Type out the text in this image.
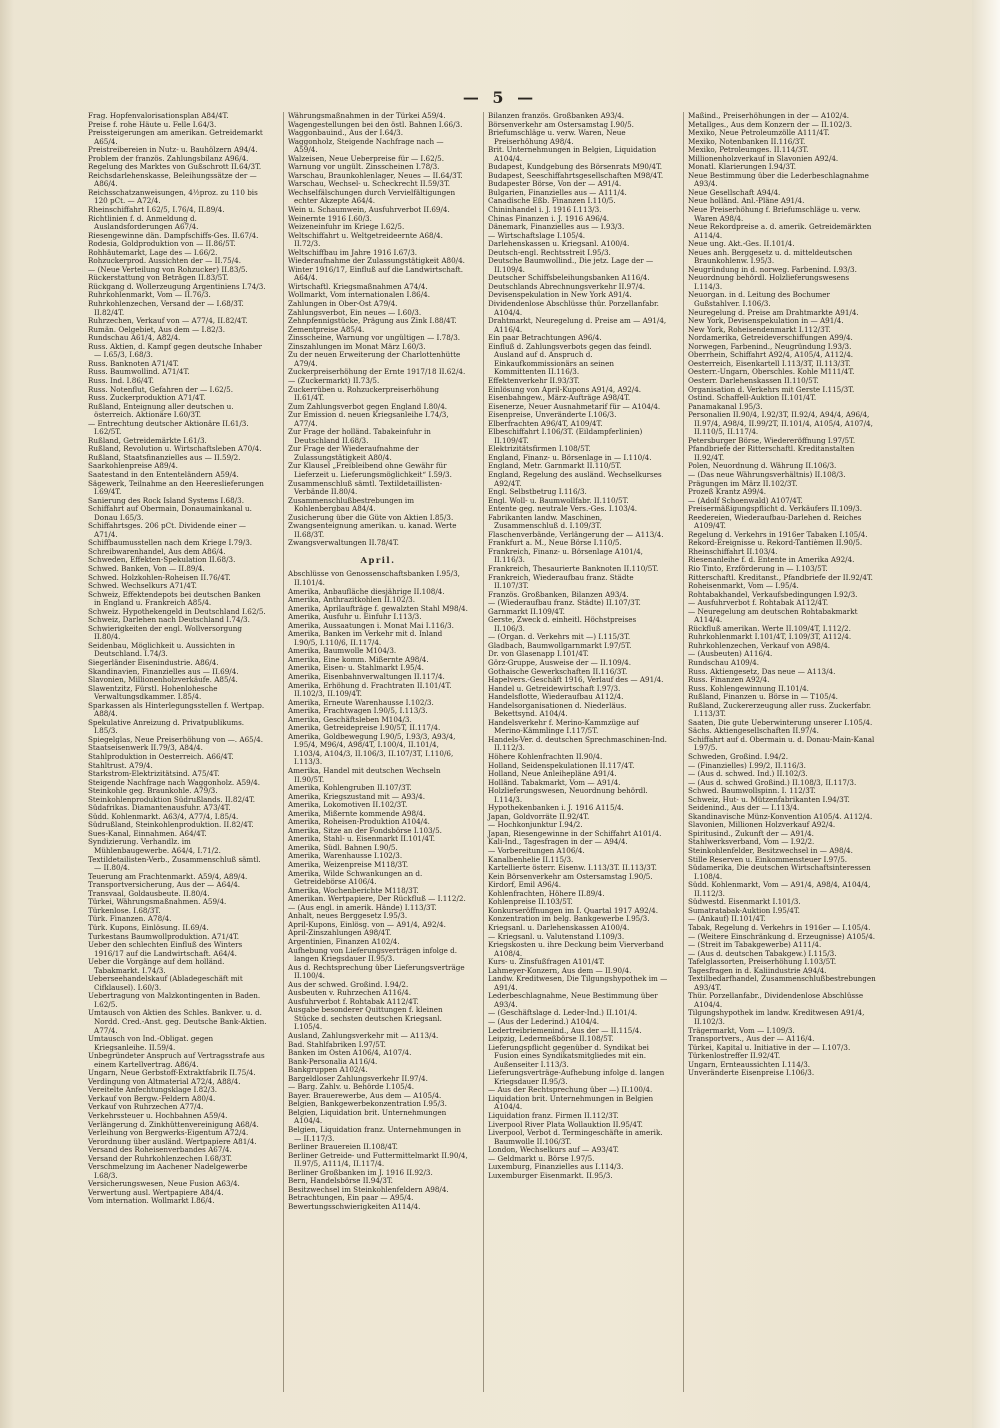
— 5 —
Frag. Hopfenvalorisationsplan A84/4T.
Preise f. rohe Häute u. Felle I.64/3.
Preissteigerungen am amerikan. Getreidemarkt A65/4.
Preistreibereien in Nutz- u. Bauhölzern A94/4.
Problem der französ. Zahlungsbilanz A96/4.
Regelung des Marktes von Gußschrott II.64/3T.
Reichsdarlehenskasse, Beleihungssätze der — A86/4.
Reichsschatzanweisungen, 4½proz. zu 110 bis 120 pCt. — A72/4.
Rheinschiffahrt I.62/5, I.76/4, II.89/4.
Richtlinien f. d. Anmeldung d. Auslandsforderungen A67/4.
Riesengewinne dän. Dampfschiffs-Ges. II.67/4.
Rodesia, Goldproduktion von — II.86/5T.
Rohhäutemarkt, Lage des — I.66/2.
Rohzuckerprod. Aussichten der — II.75/4.
— (Neue Verteilung von Rohzucker) II.83/5.
Rückerstattung von Beträgen II.83/5T.
Rückgang d. Wollerzeugung Argentiniens I.74/3.
Ruhrkohlenmarkt, Vom — II.76/3.
Ruhrkohlenzechen, Versand der — I.68/3T. II.82/4T.
Ruhrzechen, Verkauf von — A77/4, II.82/4T.
Rumän. Oelgebiet, Aus dem — I.82/3.
Rundschau A61/4, A82/4.
Russ. Aktien, d. Kampf gegen deutsche Inhaber — I.65/3, I.68/3.
Russ. Banknoten A71/4T.
Russ. Baumwollind. A71/4T.
Russ. Ind. I.86/4T.
Russ. Notenflut, Gefahren der — I.62/5.
Russ. Zuckerproduktion A71/4T.
Rußland, Enteignung aller deutschen u. österreich. Aktionäre I.60/3T.
— Entrechtung deutscher Aktionäre II.61/3. I.62/5T.
Rußland, Getreidemärkte I.61/3.
Rußland, Revolution u. Wirtschaftsleben A70/4.
Rußland, Staatsfinanzielles aus — II.59/2.
Saarkohlenpreise A89/4.
Saatestand in den Ententeländern A59/4.
Sägewerk, Teilnahme an den Heereslieferungen I.69/4T.
Sanierung des Rock Island Systems I.68/3.
Schiffahrt auf Obermain, Donaumainkanal u. Donau I.65/3.
Schiffahrtsges. 206 pCt. Dividende einer — A71/4.
Schiffbaumusstellen nach dem Kriege I.79/3.
Schreibwarenhandel, Aus dem A86/4.
Schweden, Effekten-Spekulation II.68/3.
Schwed. Banken, Von — II.89/4.
Schwed. Holzkohlen-Roheisen II.76/4T.
Schwed. Wechselkurs A71/4T.
Schweiz, Effektendepots bei deutschen Banken in England u. Frankreich A85/4.
Schweiz. Hypothekengeld in Deutschland I.62/5.
Schweiz, Darlehen nach Deutschland I.74/3.
Schwierigkeiten der engl. Wollversorgung II.80/4.
Seidenbau, Möglichkeit u. Aussichten in Deutschland. I.74/3.
Siegerländer Eisenindustrie. A86/4.
Skandinavien, Finanzielles aus — II.69/4.
Slavonien, Millionenholzverkäufe. A85/4.
Slawentzitz, Fürstl. Hohenlohesche Verwaltungsdkammer. I.85/4.
Sparkassen als Hinterlegungsstellen f. Wertpap. A88/4.
Spekulative Anreizung d. Privatpublikums. I.85/3.
Spiegelglas, Neue Preiserhöhung von —. A65/4.
Staatseisenwerk II.79/3, A84/4.
Stahlproduktion in Oesterreich. A66/4T.
Stahltrust. A79/4.
Starkstrom-Elektrizitätsind. A75/4T.
Steigende Nachfrage nach Waggonholz. A59/4.
Steinkohle geg. Braunkohle. A79/3.
Steinkohlenproduktion Südrußlands. II.82/4T.
Südafrikas. Diamantenausfuhr. A73/4T.
Südd. Kohlenmarkt. A63/4, A77/4, I.85/4.
Südrußland, Steinkohlenproduktion. II.82/4T.
Sues-Kanal, Einnahmen. A64/4T.
Syndizierung. Verhandlz. im Mühlenbaugewerbe. A64/4, I.71/2.
Textildetailisten-Verb., Zusammenschluß sämtl. — II.80/4.
Teuerung am Frachtenmarkt. A59/4, A89/4.
Transportversicherung, Aus der — A64/4.
Transvaal, Goldausbeute. II.80/4.
Türkei, Währungsmaßnahmen. A59/4.
Türkenlose. I.68/3T.
Türk. Finanzen. A78/4.
Türk. Kupons, Einlösung. II.69/4.
Turkestans Baumwollproduktion. A71/4T.
Ueber den schlechten Einfluß des Winters 1916/17 auf die Landwirtschaft. A64/4.
Ueber die Vorgänge auf dem holländ. Tabakmarkt. I.74/3.
Ueberseehandelskauf (Abladegeschäft mit Cifklausel). I.60/3.
Uebertragung von Malzkontingenten in Baden. I.62/5.
Umtausch von Aktien des Schles. Bankver. u. d. Nordd. Cred.-Anst. geg. Deutsche Bank-Aktien. A77/4.
Umtausch von Ind.-Obligat. gegen Kriegsanleihe. II.59/4.
Unbegründeter Anspruch auf Vertragsstrafe aus einem Kartellvertrag. A86/4.
Ungarn, Neue Gerbstoff-Extraktfabrik II.75/4.
Verdingung von Altmaterial A72/4, A88/4.
Vereitelte Anfechtungsklage I.82/3.
Verkauf von Bergw.-Feldern A80/4.
Verkauf von Ruhrzechen A77/4.
Verkehrssteuer u. Hochbahnen A59/4.
Verlängerung d. Zinkhüttenvereinigung A68/4.
Verleihung von Bergwerks-Eigentum A72/4.
Verordnung über ausländ. Wertpapiere A81/4.
Versand des Roheisenverbandes A67/4.
Versand der Ruhrkohlenzechen I.68/3T.
Verschmelzung im Aachener Nadelgewerbe I.68/3.
Versicherungswesen, Neue Fusion A63/4.
Verwertung ausl. Wertpapiere A84/4.
Vom internation. Wollmarkt I.86/4.
Währungsmaßnahmen in der Türkei A59/4.
Wagengestellungen bei den östl. Bahnen I.66/3.
Waggonbauind., Aus der I.64/3.
Waggonholz, Steigende Nachfrage nach — A59/4.
Walzeisen, Neue Ueberpreise für — I.62/5.
Warnung vor ungült. Zinsscheinen I.78/3.
Warschau, Braunkohlenlager, Neues — II.64/3T.
Warschau, Wechsel- u. Scheckrecht II.59/3T.
Wechselfälschungen durch Vervielfältigungen echter Akzepte A64/4.
Wein u. Schaumwein, Ausfuhrverbot II.69/4.
Weinernte 1916 I.60/3.
Weizeneinfuhr im Kriege I.62/5.
Weltschiffahrt u. Weltgetreideernte A68/4. II.72/3.
Weltschiffbau im Jahre 1916 I.67/3.
Wiederaufnahme der Zulassungstätigkeit A80/4.
Winter 1916/17, Einfluß auf die Landwirtschaft. A64/4.
Wirtschaftl. Kriegsmaßnahmen A74/4.
Wollmarkt, Vom internationalen I.86/4.
Zahlungen in Ober-Ost A79/4.
Zahlungsverbot, Ein neues — I.60/3.
Zehnpfennigstücke, Prägung aus Zink I.88/4T.
Zementpreise A85/4.
Zinsscheine, Warnung vor ungültigen — I.78/3.
Zinszahlungen im Monat März I.60/3.
Zu der neuen Erweiterung der Charlottenhütte A79/4.
Zuckerpreiserhöhung der Ernte 1917/18 II.62/4.
— (Zuckermarkt) II.73/5.
Zuckerrüben u. Rohzuckerpreiserhöhung II.61/4T.
Zum Zahlungsverbot gegen England I.80/4.
Zur Emission d. neuen Kriegsanleihe I.74/3, A77/4.
Zur Frage der holländ. Tabakeinfuhr in Deutschland II.68/3.
Zur Frage der Wiederaufnahme der Zulassungstätigkeit A80/4.
Zur Klausel „Freibleibend ohne Gewähr für Lieferzeit u. Lieferungsmöglichkeit“ I.59/3.
Zusammenschluß sämtl. Textildetaillisten-Verbände II.80/4.
Zusammenschlußbestrebungen im Kohlenbergbau A84/4.
Zusicherung über die Güte von Aktien I.85/3.
Zwangsenteignung amerikan. u. kanad. Werte II.68/3T.
Zwangsverwaltungen II.78/4T.
April.
Abschlüsse von Genossenschaftsbanken I.95/3, II.101/4.
Amerika, Anbaufläche diesjährige II.108/4.
Amerika, Anthrazitkohlen II.102/3.
Amerika, Aprilaufträge f. gewalzten Stahl M98/4.
Amerika, Ausfuhr u. Einfuhr I.113/3.
Amerika, Aussaatungen i. Monat Mai I.116/3.
Amerika, Banken im Verkehr mit d. Inland I.90/5, I.110/6, II.117/4.
Amerika, Baumwolle M104/3.
Amerika, Eine komm. Mißernte A98/4.
Amerika, Eisen- u. Stahlmarkt I.95/4.
Amerika, Eisenbahnverwaltungen II.117/4.
Amerika, Erhöhung d. Frachtraten II.101/4T. II.102/3, II.109/4T.
Amerika, Erneute Warenhausse I.102/3.
Amerika, Frachtwagen I.90/5, I.113/3.
Amerika, Geschäftsleben M104/3.
Amerika, Getreidepreise I.90/5T, II.117/4.
Amerika, Goldbewegung I.90/5, I.93/3, A93/4, I.95/4, M96/4, A98/4T, I.100/4, II.101/4, I.103/4, A104/3, II.106/3, II.107/3T, I.110/6, I.113/3.
Amerika, Handel mit deutschen Wechseln II.90/5T.
Amerika, Kohlengruben II.107/3T.
Amerika, Kriegszustand mit — A93/4.
Amerika, Lokomotiven II.102/3T.
Amerika, Mißernte kommende A98/4.
Amerika, Roheisen-Produktion A104/4.
Amerika, Sitze an der Fondsbörse I.103/5.
Amerika, Stahl- u. Eisenmarkt II.101/4T.
Amerika, Südl. Bahnen I.90/5.
Amerika, Warenhausse I.102/3.
Amerika, Weizenpreise M118/3T.
Amerika, Wilde Schwankungen an d. Getreidebörse A106/4.
Amerika, Wochenberichte M118/3T.
Amerikan. Wertpapiere, Der Rückfluß — I.112/2.
— (Aus engl. in amerik. Hände) I.113/3T.
Anhalt, neues Berggesetz I.95/3.
April-Kupons, Einlösg. von — A91/4, A92/4.
April-Zinszahlungen A98/4T.
Argentinien, Finanzen A102/4.
Aufhebung von Lieferungsverträgen infolge d. langen Kriegsdauer II.95/3.
Aus d. Rechtsprechung über Lieferungsverträge II.100/4.
Aus der schwed. Großind. I.94/2.
Ausbeuten v. Ruhrzechen A116/4.
Ausfuhrverbot f. Rohtabak A112/4T.
Ausgabe besonderer Quittungen f. kleinen Stücke d. sechsten deutschen Kriegsanl. I.105/4.
Ausland, Zahlungsverkehr mit — A113/4.
Bad. Stahlfabriken I.97/5T.
Banken im Osten A106/4, A107/4.
Bank-Personalia A116/4.
Bankgruppen A102/4.
Bargeldloser Zahlungsverkehr II.97/4.
— Barg. Zahlv. u. Behörde I.105/4.
Bayer. Brauerewerbe, Aus dem — A105/4.
Belgien, Bankgewerbekonzentration I.95/3.
Belgien, Liquidation brit. Unternehmungen A104/4.
Belgien, Liquidation franz. Unternehmungen in — II.117/3.
Berliner Brauereien II.108/4T.
Berliner Getreide- und Futtermittelmarkt II.90/4, II.97/5, A111/4, II.117/4.
Berliner Großbanken im J. 1916 II.92/3.
Bern, Handelsbörse II.94/3T.
Besitzwechsel im Steinkohlenfeldern A98/4.
Betrachtungen, Ein paar — A95/4.
Bewertungsschwierigkeiten A114/4.
Bilanzen französ. Großbanken A93/4.
Börsenverkehr am Ostersamstag I.90/5.
Briefumschläge u. verw. Waren, Neue Preiserhöhung A98/4.
Brit. Unternehmungen in Belgien, Liquidation A104/4.
Budapest, Kundgebung des Börsenrats M90/4T.
Budapest, Seeschiffahrtsgesellschaften M98/4T.
Budapester Börse, Von der — A91/4.
Bulgarien, Finanzielles aus — A111/4.
Canadische Eßb. Finanzen I.110/5.
Chininhandel i. J. 1916 I.113/3.
Chinas Finanzen i. J. 1916 A96/4.
Dänemark, Finanzielles aus — I.93/3.
— Wirtschaftslage I.105/4.
Darlehenskassen u. Kriegsanl. A100/4.
Deutsch-engl. Rechtsstreit I.95/3.
Deutsche Baumwollind., Die jetz. Lage der — II.109/4.
Deutscher Schiffsbeleihungsbanken A116/4.
Deutschlands Abrechnungsverkehr II.97/4.
Devisenspekulation in New York A91/4.
Dividendenlose Abschlüsse thür. Porzellanfabr. A104/4.
Drahtmarkt, Neuregelung d. Preise am — A91/4, A116/4.
Ein paar Betrachtungen A96/4.
Einfluß d. Zahlungsverbots gegen das feindl. Ausland auf d. Anspruch d. Einkaufkommissionärs an seinen Kommittenten II.116/3.
Effektenverkehr II.93/3T.
Einlösung von April-Kupons A91/4, A92/4.
Eisenbahngew., März-Aufträge A98/4T.
Eisenerze, Neuer Ausnahmetarif für — A104/4.
Eisenpreise, Unveränderte I.106/3.
Elberfrachten A96/4T, A109/4T.
Elbeschiffahrt I.106/3T. (Eildampferlinien) II.109/4T.
Elektrizitätsfirmen I.108/5T.
England, Finanz- u. Börsenlage in — I.110/4.
England, Metr. Garnmarkt II.110/5T.
England, Regelung des ausländ. Wechselkurses A92/4T.
Engl. Selbstbetrug I.116/3.
Engl. Woll- u. Baumwollfabr. II.110/5T.
Entente geg. neutrale Vers.-Ges. I.103/4.
Fabrikanten landw. Maschinen, Zusammenschluß d. I.109/3T.
Flaschenverbände, Verlängerung der — A113/4.
Frankfurt a. M., Neue Börse I.110/5.
Frankreich, Finanz- u. Börsenlage A101/4, II.116/3.
Frankreich, Thesaurierte Banknoten II.110/5T.
Frankreich, Wiederaufbau franz. Städte II.107/3T.
Französ. Großbanken, Bilanzen A93/4.
— (Wiederaufbau franz. Städte) II.107/3T.
Garnmarkt II.109/4T.
Gerste, Zweck d. einheitl. Höchstpreises II.106/3.
— (Organ. d. Verkehrs mit —) I.115/3T.
Gladbach, Baumwollgarnmarkt I.97/5T.
Dr. von Glasenapp I.101/4T.
Görz-Gruppe, Ausweise der — II.109/4.
Gothaische Gewerkschaften II.116/3T.
Hapelvers.-Geschäft 1916, Verlauf des — A91/4.
Handel u. Getreidewirtschaft I.97/3.
Handelsflotte, Wiederaufbau A112/4.
Handelsorganisationen d. Niederläus. Bekettsynd. A104/4.
Handelsverkehr f. Merino-Kammzüge auf Merino-Kämmlinge I.117/5T.
Handels-Ver. d. deutschen Sprechmaschinen-Ind. II.112/3.
Höhere Kohlenfrachten II.90/4.
Holland, Seidenspekulationen II.117/4T.
Holland, Neue Anleihepläne A91/4.
Holländ. Tabakmarkt, Vom — A91/4.
Holzlieferungswesen, Neuordnung behördl. I.114/3.
Hypothekenbanken i. J. 1916 A115/4.
Japan, Goldvorräte II.92/4T.
— Hochkonjunktur I.94/2.
Japan, Riesengewinne in der Schiffahrt A101/4.
Kali-Ind., Tagesfragen in der — A94/4.
— Vorbereitungen A106/4.
Kanalbenhelie II.115/3.
Kartellierte österr. Eisenw. I.113/3T. II.113/3T.
Kein Börsenverkehr am Ostersamstag I.90/5.
Kirdorf, Emil A96/4.
Kohlenfrachten, Höhere II.89/4.
Kohlenpreise II.103/5T.
Konkurseröffnungen im I. Quartal 1917 A92/4.
Konzentration im belg. Bankgewerbe I.95/3.
Kriegsanl. u. Darlehenskassen A100/4.
— Kriegsanl. u. Valutenstand I.109/3.
Kriegskosten u. ihre Deckung beim Vierverband A108/4.
Kurs- u. Zinsfußfragen A101/4T.
Lahmeyer-Konzern, Aus dem — II.90/4.
Landw. Kreditwesen, Die Tilgungshypothek im — A91/4.
Lederbeschlagnahme, Neue Bestimmung über A93/4.
— (Geschäftslage d. Leder-Ind.) II.101/4.
— (Aus der Lederind.) A104/4.
Ledertreibriemenind., Aus der — II.115/4.
Leipzig, Ledermeßbörse II.108/5T.
Lieferungspflicht gegenüber d. Syndikat bei Fusion eines Syndikatsmitgliedes mit ein. Außenseiter I.113/3.
Lieferungsverträge-Aufhebung infolge d. langen Kriegsdauer II.95/3.
— Aus der Rechtsprechung über —) II.100/4.
Liquidation brit. Unternehmungen in Belgien A104/4.
Liquidation franz. Firmen II.112/3T.
Liverpool River Plata Wollauktion II.95/4T.
Liverpool, Verbot d. Termingeschäfte in amerik. Baumwolle II.106/3T.
London, Wechselkurs auf — A93/4T.
— Geldmarkt u. Börse I.97/5.
Luxemburg, Finanzielles aus I.114/3.
Luxemburger Eisenmarkt. II.95/3.
Maßind., Preiserhöhungen in der — A102/4.
Metallges., Aus dem Konzern der — II.102/3.
Mexiko, Neue Petroleumzölle A111/4T.
Mexiko, Notenbanken II.116/3T.
Mexiko, Petroleumges. II.114/3T.
Millionenholzverkauf in Slavonien A92/4.
Monatl. Klarierungen I.94/3T.
Neue Bestimmung über die Lederbeschlagnahme A93/4.
Neue Gesellschaft A94/4.
Neue holländ. Anl.-Pläne A91/4.
Neue Preiserhöhung f. Briefumschläge u. verw. Waren A98/4.
Neue Rekordpreise a. d. amerik. Getreidemärkten A114/4.
Neue ung. Akt.-Ges. II.101/4.
Neues anh. Berggesetz u. d. mitteldeutschen Braunkohlenw. I.95/3.
Neugründung in d. norweg. Farbenind. I.93/3.
Neuordnung behördl. Holzlieferungswesens I.114/3.
Neuorgan. in d. Leitung des Bochumer Gußstahlver. I.106/3.
Neuregelung d. Preise am Drahtmarkte A91/4.
New York, Devisenspekulation in — A91/4.
New York, Roheisendenmarkt I.112/3T.
Nordamerika, Getreideverschiffungen A99/4.
Norwegen, Farbenind., Neugründung I.93/3.
Oberrhein, Schiffahrt A92/4, A105/4, A112/4.
Oesterreich, Eisenkartell I.113/3T, II.113/3T.
Oesterr.-Ungarn, Oberschles. Kohle M111/4T.
Oesterr. Darlehenskassen II.110/5T.
Organisation d. Verkehrs mit Gerste I.115/3T.
Ostind. Schaffell-Auktion II.101/4T.
Panamakanal I.95/3.
Personalien II.90/4, I.92/3T, II.92/4, A94/4, A96/4, II.97/4, A98/4, II.99/2T, II.101/4, A105/4, A107/4, II.110/5, II.117/4.
Petersburger Börse, Wiedereröffnung I.97/5T.
Pfandbriefe der Ritterschaftl. Kreditanstalten II.92/4T.
Polen, Neuordnung d. Währung II.106/3.
— (Das neue Währungsverhältnis) II.108/3.
Prägungen im März II.102/3T.
Prozeß Krantz A99/4.
— (Adolf Schoenwald) A107/4T.
Preisermäßigungspflicht d. Verkäufers II.109/3.
Reedereien, Wiederaufbau-Darlehen d. Reiches A109/4T.
Regelung d. Verkehrs in 1916er Tabaken I.105/4.
Rekord-Ereignisse u. Rekord-Tantièmen II.90/5.
Rheinschiffahrt II.103/4.
Riesenanleihe f. d. Entente in Amerika A92/4.
Rio Tinto, Erzförderung in — I.103/5T.
Ritterschaftl. Kreditanst., Pfandbriefe der II.92/4T.
Roheisenmarkt, Vom — I.95/4.
Rohtabakhandel, Verkaufsbedingungen I.92/3.
— Ausfuhrverbot f. Rohtabak A112/4T.
— Neuregelung am deutschen Rohtabakmarkt A114/4.
Rückfluß amerikan. Werte II.109/4T, I.112/2.
Ruhrkohlenmarkt I.101/4T, I.109/3T, A112/4.
Ruhrkohlenzechen, Verkauf von A98/4.
— (Ausbeuten) A116/4.
Rundschau A109/4.
Russ. Aktiengesetz, Das neue — A113/4.
Russ. Finanzen A92/4.
Russ. Kohlengewinnung II.101/4.
Rußland, Finanzen u. Börse in — T105/4.
Rußland, Zuckererzeugung aller russ. Zuckerfabr. I.113/3T.
Saaten, Die gute Ueberwinterung unserer I.105/4.
Sächs. Aktiengesellschaften II.97/4.
Schiffahrt auf d. Obermain u. d. Donau-Main-Kanal I.97/5.
Schweden, Großind. I.94/2.
— (Finanzielles) I.99/2, II.116/3.
— (Aus d. schwed. Ind.) II.102/3.
— (Aus d. schwed Großind.) II.108/3, II.117/3.
Schwed. Baumwollspinn. I. 112/3T.
Schweiz, Hut- u. Mützenfabrikanten I.94/3T.
Seidenind., Aus der — I.113/4.
Skandinavische Münz-Konvention A105/4. A112/4.
Slavonien, Millionen Holzverkauf A92/4.
Spiritusind., Zukunft der — A91/4.
Stahlwerksverband, Vom — I.92/2.
Steinkohlenfelder, Besitzwechsel in — A98/4.
Stille Reserven u. Einkommensteuer I.97/5.
Südamerika, Die deutschen Wirtschaftsinteressen I.108/4.
Südd. Kohlenmarkt, Vom — A91/4, A98/4, A104/4, II.112/3.
Südwestd. Eisenmarkt I.101/3.
Sumatratabak-Auktion I.95/4T.
— (Ankauf) II.101/4T.
Tabak, Regelung d. Verkehrs in 1916er — I.105/4.
— (Weitere Einschränkung d. Erzeugnisse) A105/4.
— (Streit im Tabakgewerbe) A111/4.
— (Aus d. deutschen Tabakgew.) I.115/3.
Tafelglassorten, Preiserhöhung I.103/5T.
Tagesfragen in d. Kaliindustrie A94/4.
Textilbedarfhandel, Zusammenschlußbestrebungen A93/4T.
Thür. Porzellanfabr., Dividendenlose Abschlüsse A104/4.
Tilgungshypothek im landw. Kreditwesen A91/4, II.102/3.
Trägermarkt, Vom — I.109/3.
Transportvers., Aus der — A116/4.
Türkei, Kapital u. Initiative in der — I.107/3.
Türkenlostreffer II.92/4T.
Ungarn, Ernteaussichten I.114/3.
Unveränderte Eisenpreise I.106/3.
